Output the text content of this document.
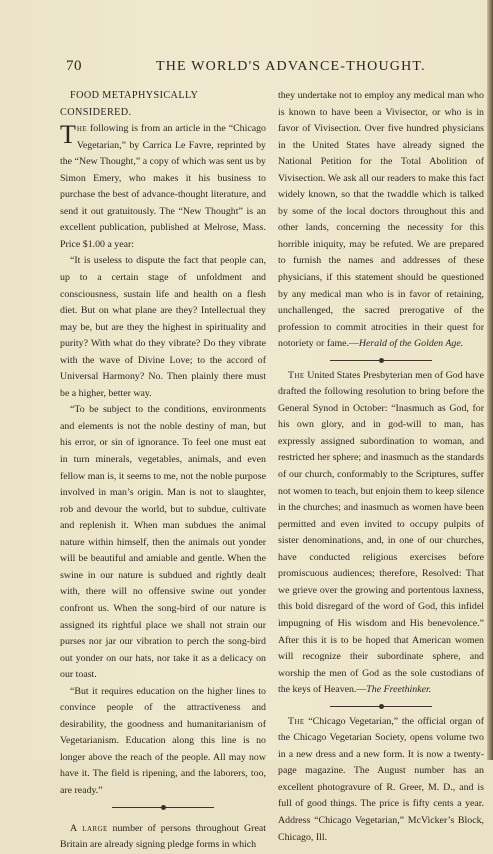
70	THE WORLD'S ADVANCE-THOUGHT.

FOOD METAPHYSICALLY CONSIDERED.

The following is from an article in the “Chicago Vegetarian,” by Carrica Le Favre, reprinted by the “New Thought,” a copy of which was sent us by Simon Emery, who makes it his business to purchase the best of advance-thought literature, and send it out gratuitously. The “New Thought” is an excellent publication, published at Melrose, Mass. Price $1.00 a year:

“It is useless to dispute the fact that people can, up to a certain stage of unfoldment and consciousness, sustain life and health on a flesh diet. But on what plane are they? Intellectual they may be, but are they the highest in spirituality and purity? With what do they vibrate? Do they vibrate with the wave of Divine Love; to the accord of Universal Harmony? No. Then plainly there must be a higher, better way.

“To be subject to the conditions, environments and elements is not the noble destiny of man, but his error, or sin of ignorance. To feel one must eat in turn minerals, vegetables, animals, and even fellow man is, it seems to me, not the noble purpose involved in man’s origin. Man is not to slaughter, rob and devour the world, but to subdue, cultivate and replenish it. When man subdues the animal nature within himself, then the animals out yonder will be beautiful and amiable and gentle. When the swine in our nature is subdued and rightly dealt with, there will no offensive swine out yonder confront us. When the song-bird of our nature is assigned its rightful place we shall not strain our purses nor jar our vibration to perch the song-bird out yonder on our hats, nor take it as a delicacy on our toast.

“But it requires education on the higher lines to convince people of the attractiveness and desirability, the goodness and humanitarianism of Vegetarianism. Education along this line is no longer above the reach of the people. All may now have it. The field is ripening, and the laborers, too, are ready.”

A large number of persons throughout Great Britain are already signing pledge forms in which

they undertake not to employ any medical man who is known to have been a Vivisector, or who is in favor of Vivisection. Over five hundred physicians in the United States have already signed the National Petition for the Total Abolition of Vivisection. We ask all our readers to make this fact widely known, so that the twaddle which is talked by some of the local doctors throughout this and other lands, concerning the necessity for this horrible iniquity, may be refuted. We are prepared to furnish the names and addresses of these physicians, if this statement should be questioned by any medical man who is in favor of retaining, unchallenged, the sacred prerogative of the profession to commit atrocities in their quest for notoriety or fame.—Herald of the Golden Age.

The United States Presbyterian men of God have drafted the following resolution to bring before the General Synod in October: “Inasmuch as God, for his own glory, and in god-will to man, has expressly assigned subordination to woman, and restricted her sphere; and inasmuch as the standards of our church, conformably to the Scriptures, suffer not women to teach, but enjoin them to keep silence in the churches; and inasmuch as women have been permitted and even invited to occupy pulpits of sister denominations, and, in one of our churches, have conducted religious exercises before promiscuous audiences; therefore, Resolved: That we grieve over the growing and portentous laxness, this bold disregard of the word of God, this infidel impugning of His wisdom and His benevolence.” After this it is to be hoped that American women will recognize their subordinate sphere, and worship the men of God as the sole custodians of the keys of Heaven.—The Freethinker.

The “Chicago Vegetarian,” the official organ of the Chicago Vegetarian Society, opens volume two in a new dress and a new form. It is now a twenty-page magazine. The August number has an excellent photogravure of R. Greer, M. D., and is full of good things. The price is fifty cents a year. Address “Chicago Vegetarian,” McVicker’s Block, Chicago, Ill.
